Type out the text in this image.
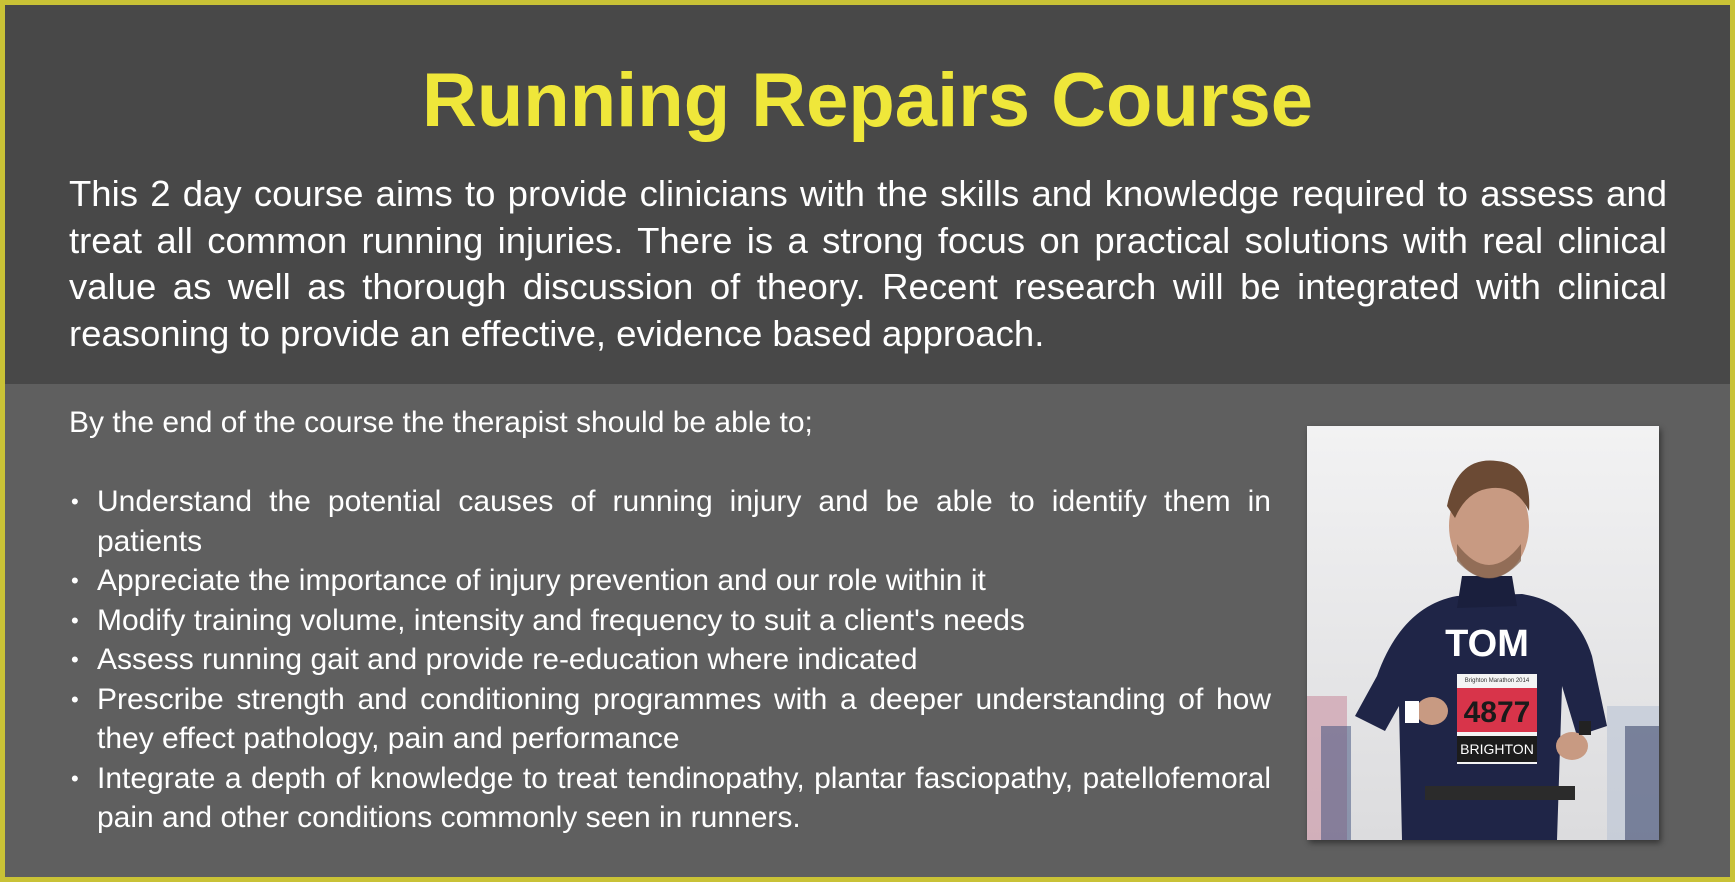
Running Repairs Course

This 2 day course aims to provide clinicians with the skills and knowledge required to assess and treat all common running injuries. There is a strong focus on practical solutions with real clinical value as well as thorough discussion of theory. Recent research will be integrated with clinical reasoning to provide an effective, evidence based approach.

By the end of the course the therapist should be able to;

• Understand the potential causes of running injury and be able to identify them in patients
• Appreciate the importance of injury prevention and our role within it
• Modify training volume, intensity and frequency to suit a client's needs
• Assess running gait and provide re-education where indicated
• Prescribe strength and conditioning programmes with a deeper understanding of how they effect pathology, pain and performance
• Integrate a depth of knowledge to treat tendinopathy, plantar fasciopathy, patellofemoral pain and other conditions commonly seen in runners.
TOM
Brighton Marathon 2014
4877
BRIGHTON
